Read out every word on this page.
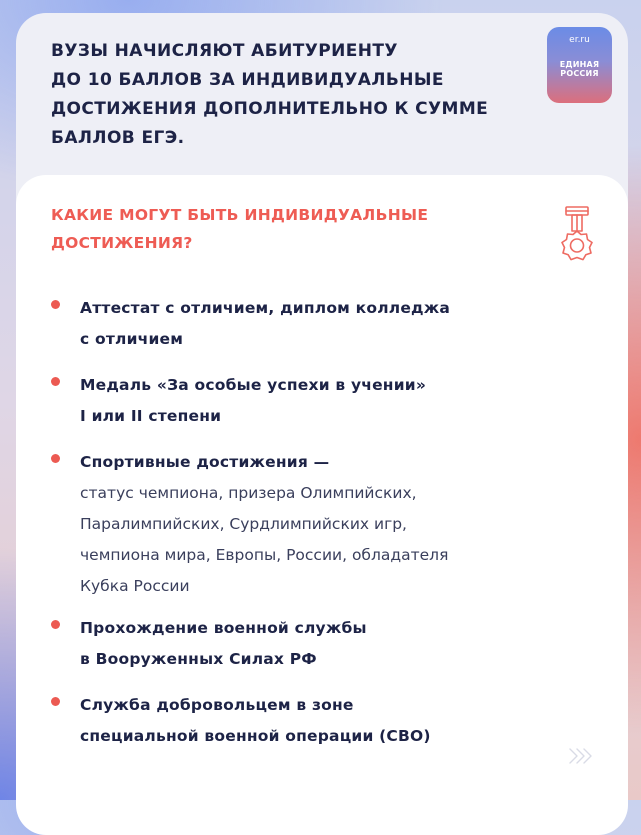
ВУЗЫ НАЧИСЛЯЮТ АБИТУРИЕНТУ
ДО 10 БАЛЛОВ ЗА ИНДИВИДУАЛЬНЫЕ
ДОСТИЖЕНИЯ ДОПОЛНИТЕЛЬНО К СУММЕ
БАЛЛОВ ЕГЭ.
er.ru
ЕДИНАЯ
РОССИЯ
КАКИЕ МОГУТ БЫТЬ ИНДИВИДУАЛЬНЫЕ
ДОСТИЖЕНИЯ?
Аттестат с отличием, диплом колледжа
с отличием
Медаль «За особые успехи в учении»
I или II степени
Спортивные достижения —
статус чемпиона, призера Олимпийских,
Паралимпийских, Сурдлимпийских игр,
чемпиона мира, Европы, России, обладателя
Кубка России
Прохождение военной службы
в Вооруженных Силах РФ
Служба добровольцем в зоне
специальной военной операции (СВО)
